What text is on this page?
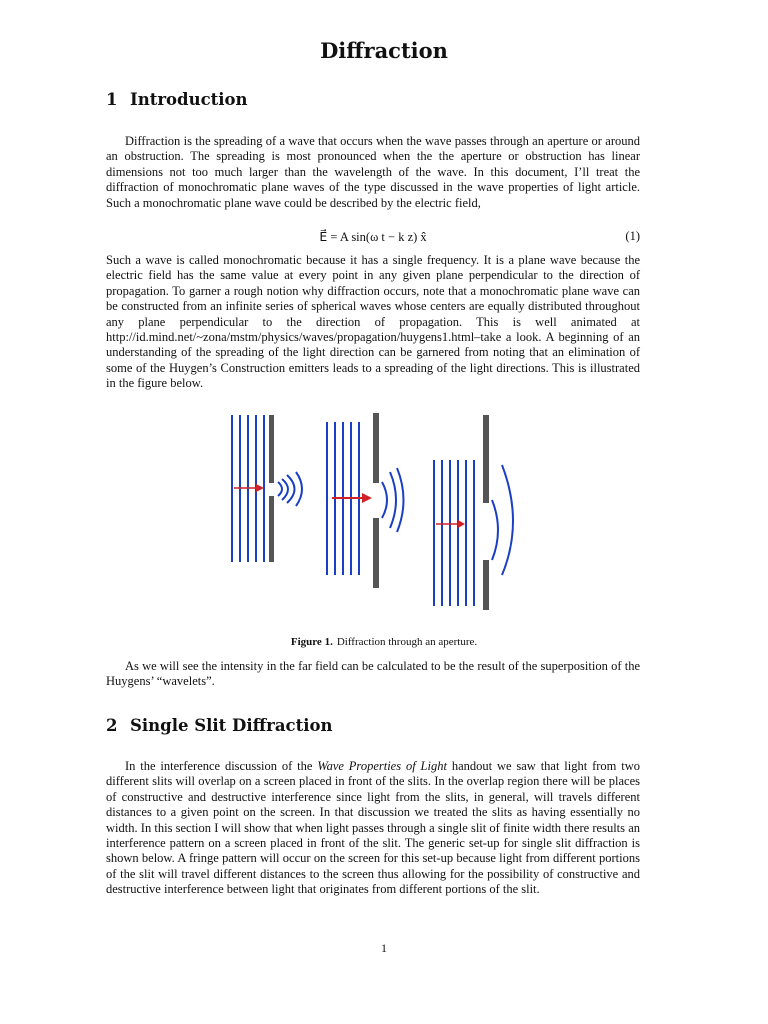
Diffraction
1 Introduction

Diffraction is the spreading of a wave that occurs when the wave passes through an aperture or around an obstruction. The spreading is most pronounced when the the aperture or obstruction has linear dimensions not too much larger than the wavelength of the wave. In this document, I’ll treat the diffraction of monochromatic plane waves of the type discussed in the wave properties of light article. Such a monochromatic plane wave could be described by the electric field,

E⃗ = A sin(ω t − k z) x̂	(1)

Such a wave is called monochromatic because it has a single frequency. It is a plane wave because the electric field has the same value at every point in any given plane perpendicular to the direction of propagation. To garner a rough notion why diffraction occurs, note that a monochromatic plane wave can be constructed from an infinite series of spherical waves whose centers are equally distributed throughout any plane perpendicular to the direction of propagation. This is well animated at http://id.mind.net/~zona/mstm/physics/waves/propagation/huygens1.html–take a look. A beginning of an understanding of the spreading of the light direction can be garnered from noting that an elimination of some of the Huygen’s Construction emitters leads to a spreading of the light directions. This is illustrated in the figure below.

Figure 1. Diffraction through an aperture.

As we will see the intensity in the far field can be calculated to be the result of the superposition of the Huygens’ “wavelets”.

2 Single Slit Diffraction

In the interference discussion of the Wave Properties of Light handout we saw that light from two different slits will overlap on a screen placed in front of the slits. In the overlap region there will be places of constructive and destructive interference since light from the slits, in general, will travels different distances to a given point on the screen. In that discussion we treated the slits as having essentially no width. In this section I will show that when light passes through a single slit of finite width there results an interference pattern on a screen placed in front of the slit. The generic set-up for single slit diffraction is shown below. A fringe pattern will occur on the screen for this set-up because light from different portions of the slit will travel different distances to the screen thus allowing for the possibility of constructive and destructive interference between light that originates from different portions of the slit.

1
